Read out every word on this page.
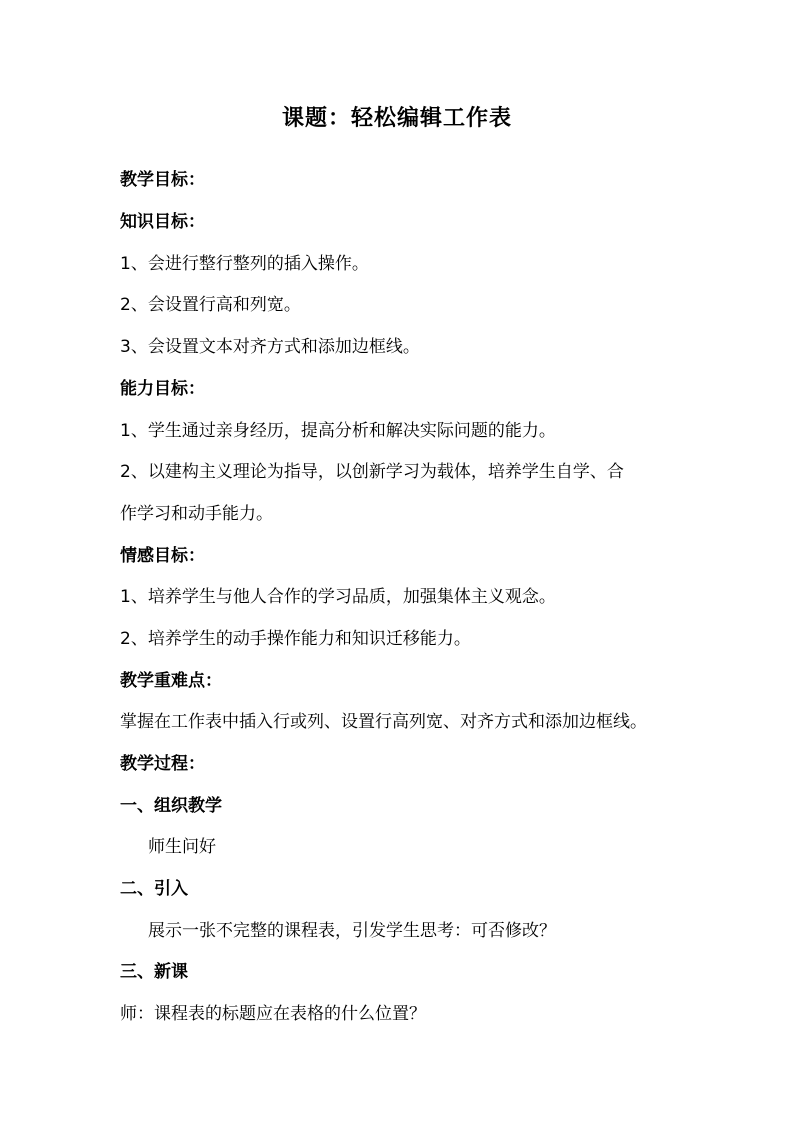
课题：轻松编辑工作表
教学目标：
知识目标：
1、会进行整行整列的插入操作。
2、会设置行高和列宽。
3、会设置文本对齐方式和添加边框线。
能力目标：
1、学生通过亲身经历，提高分析和解决实际问题的能力。
2、以建构主义理论为指导，以创新学习为载体，培养学生自学、合
作学习和动手能力。
情感目标：
1、培养学生与他人合作的学习品质，加强集体主义观念。
2、培养学生的动手操作能力和知识迁移能力。
教学重难点：
掌握在工作表中插入行或列、设置行高列宽、对齐方式和添加边框线。
教学过程：
一、组织教学
师生问好
二、引入
展示一张不完整的课程表，引发学生思考：可否修改？
三、新课
师：课程表的标题应在表格的什么位置？
